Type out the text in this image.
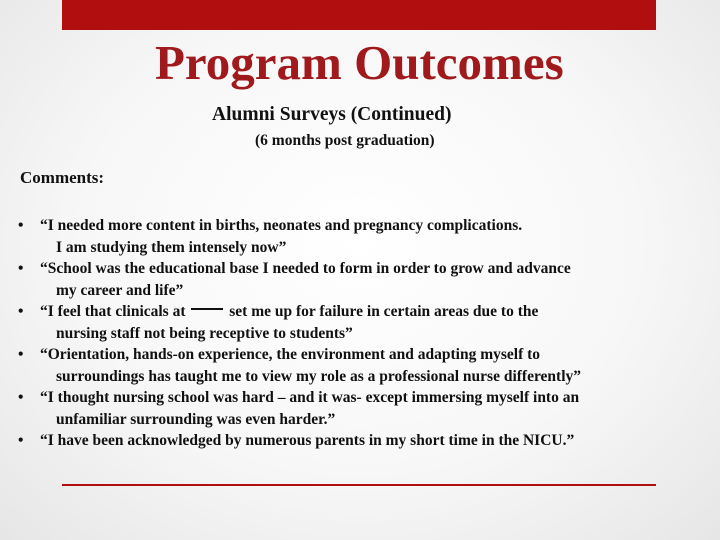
Program Outcomes
Alumni Surveys (Continued)
(6 months post graduation)
Comments:
• “I needed more content in births, neonates and pregnancy complications.
I am studying them intensely now”
• “School was the educational base I needed to form in order to grow and advance
my career and life”
• “I feel that clinicals at	set me up for failure in certain areas due to the
nursing staff not being receptive to students”
• “Orientation, hands-on experience, the environment and adapting myself to
surroundings has taught me to view my role as a professional nurse differently”
• “I thought nursing school was hard – and it was- except immersing myself into an
unfamiliar surrounding was even harder.”
• “I have been acknowledged by numerous parents in my short time in the NICU.”
